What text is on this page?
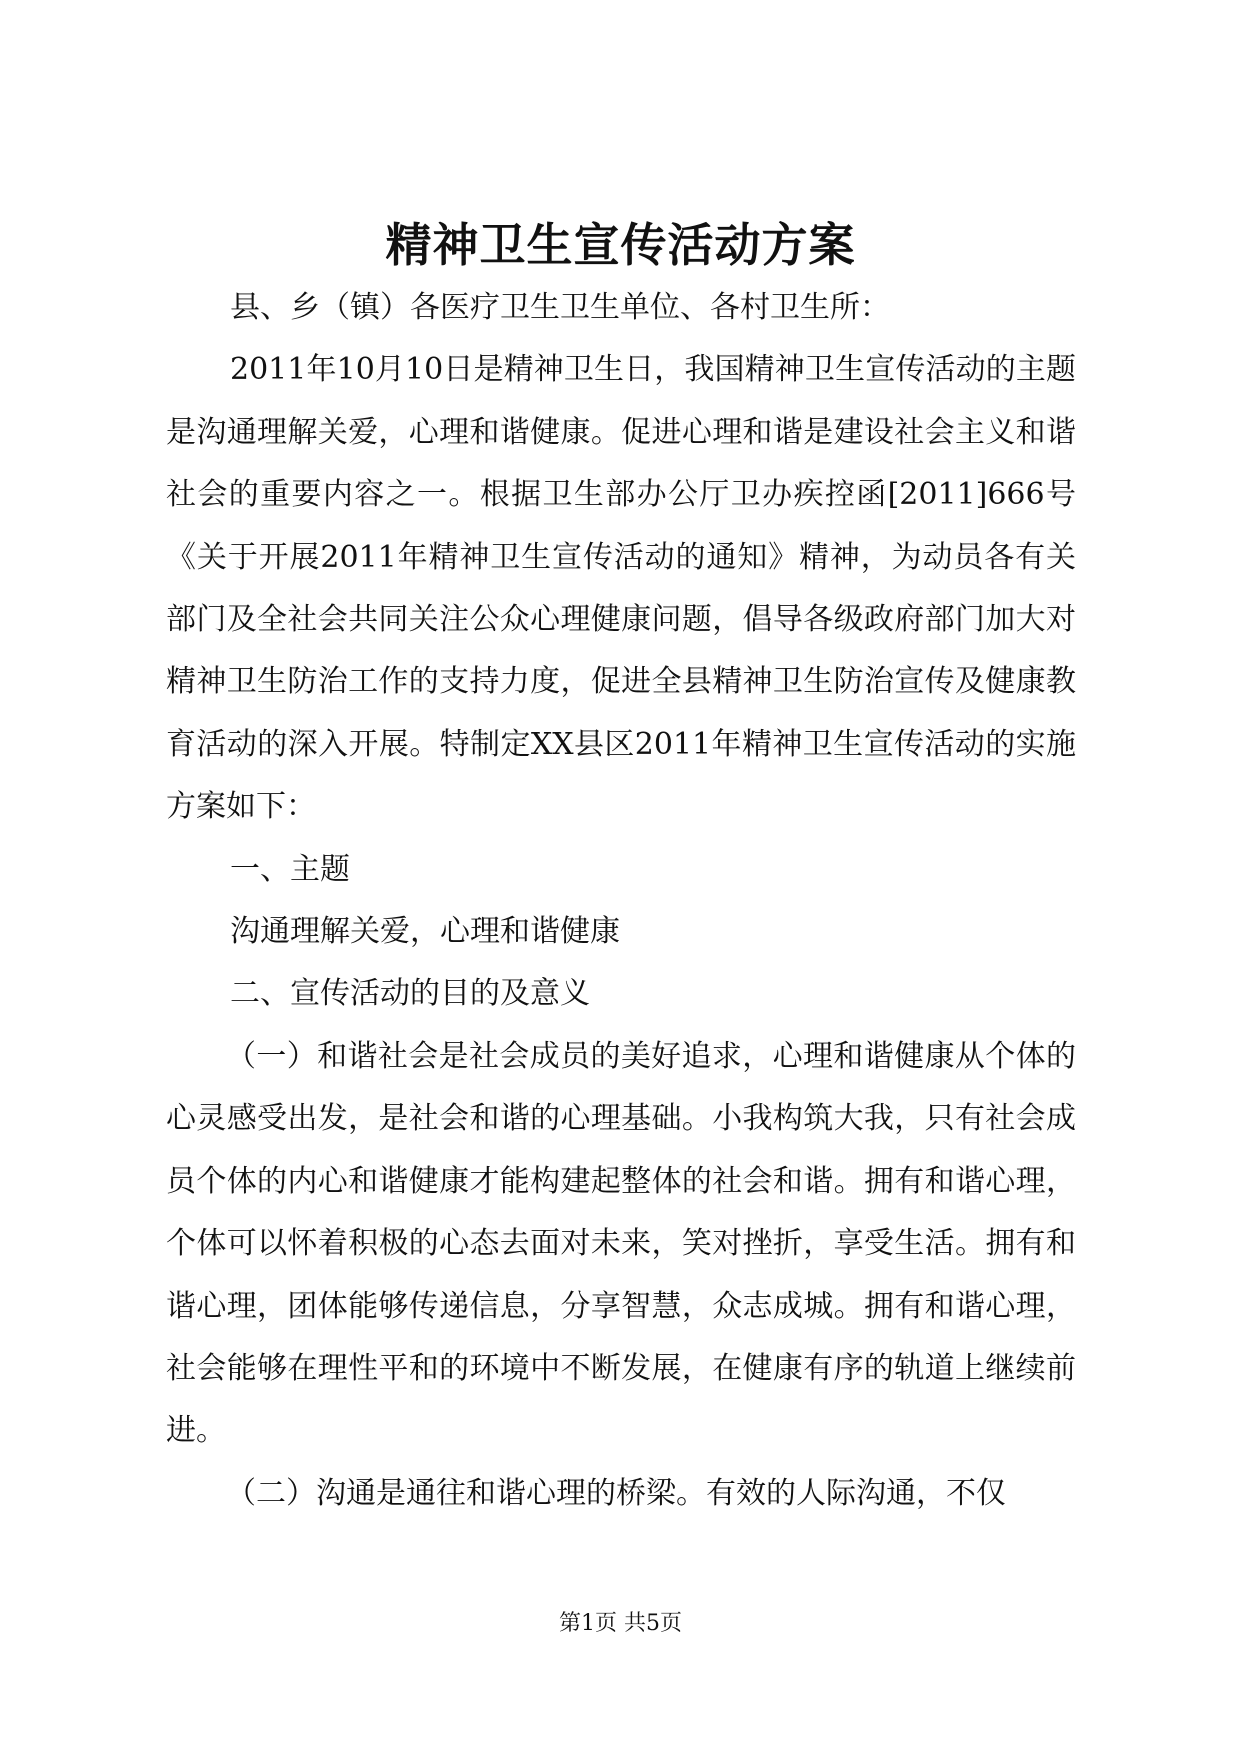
精神卫生宣传活动方案

县、乡（镇）各医疗卫生卫生单位、各村卫生所：

2011年10月10日是精神卫生日，我国精神卫生宣传活动的主题是沟通理解关爱，心理和谐健康。促进心理和谐是建设社会主义和谐社会的重要内容之一。根据卫生部办公厅卫办疾控函[2011]666号《关于开展2011年精神卫生宣传活动的通知》精神，为动员各有关部门及全社会共同关注公众心理健康问题，倡导各级政府部门加大对精神卫生防治工作的支持力度，促进全县精神卫生防治宣传及健康教育活动的深入开展。特制定XX县区2011年精神卫生宣传活动的实施方案如下：

一、主题

沟通理解关爱，心理和谐健康

二、宣传活动的目的及意义

（一）和谐社会是社会成员的美好追求，心理和谐健康从个体的心灵感受出发，是社会和谐的心理基础。小我构筑大我，只有社会成员个体的内心和谐健康才能构建起整体的社会和谐。拥有和谐心理，个体可以怀着积极的心态去面对未来，笑对挫折，享受生活。拥有和谐心理，团体能够传递信息，分享智慧，众志成城。拥有和谐心理，社会能够在理性平和的环境中不断发展，在健康有序的轨道上继续前进。

（二）沟通是通往和谐心理的桥梁。有效的人际沟通，不仅

第1页 共5页
